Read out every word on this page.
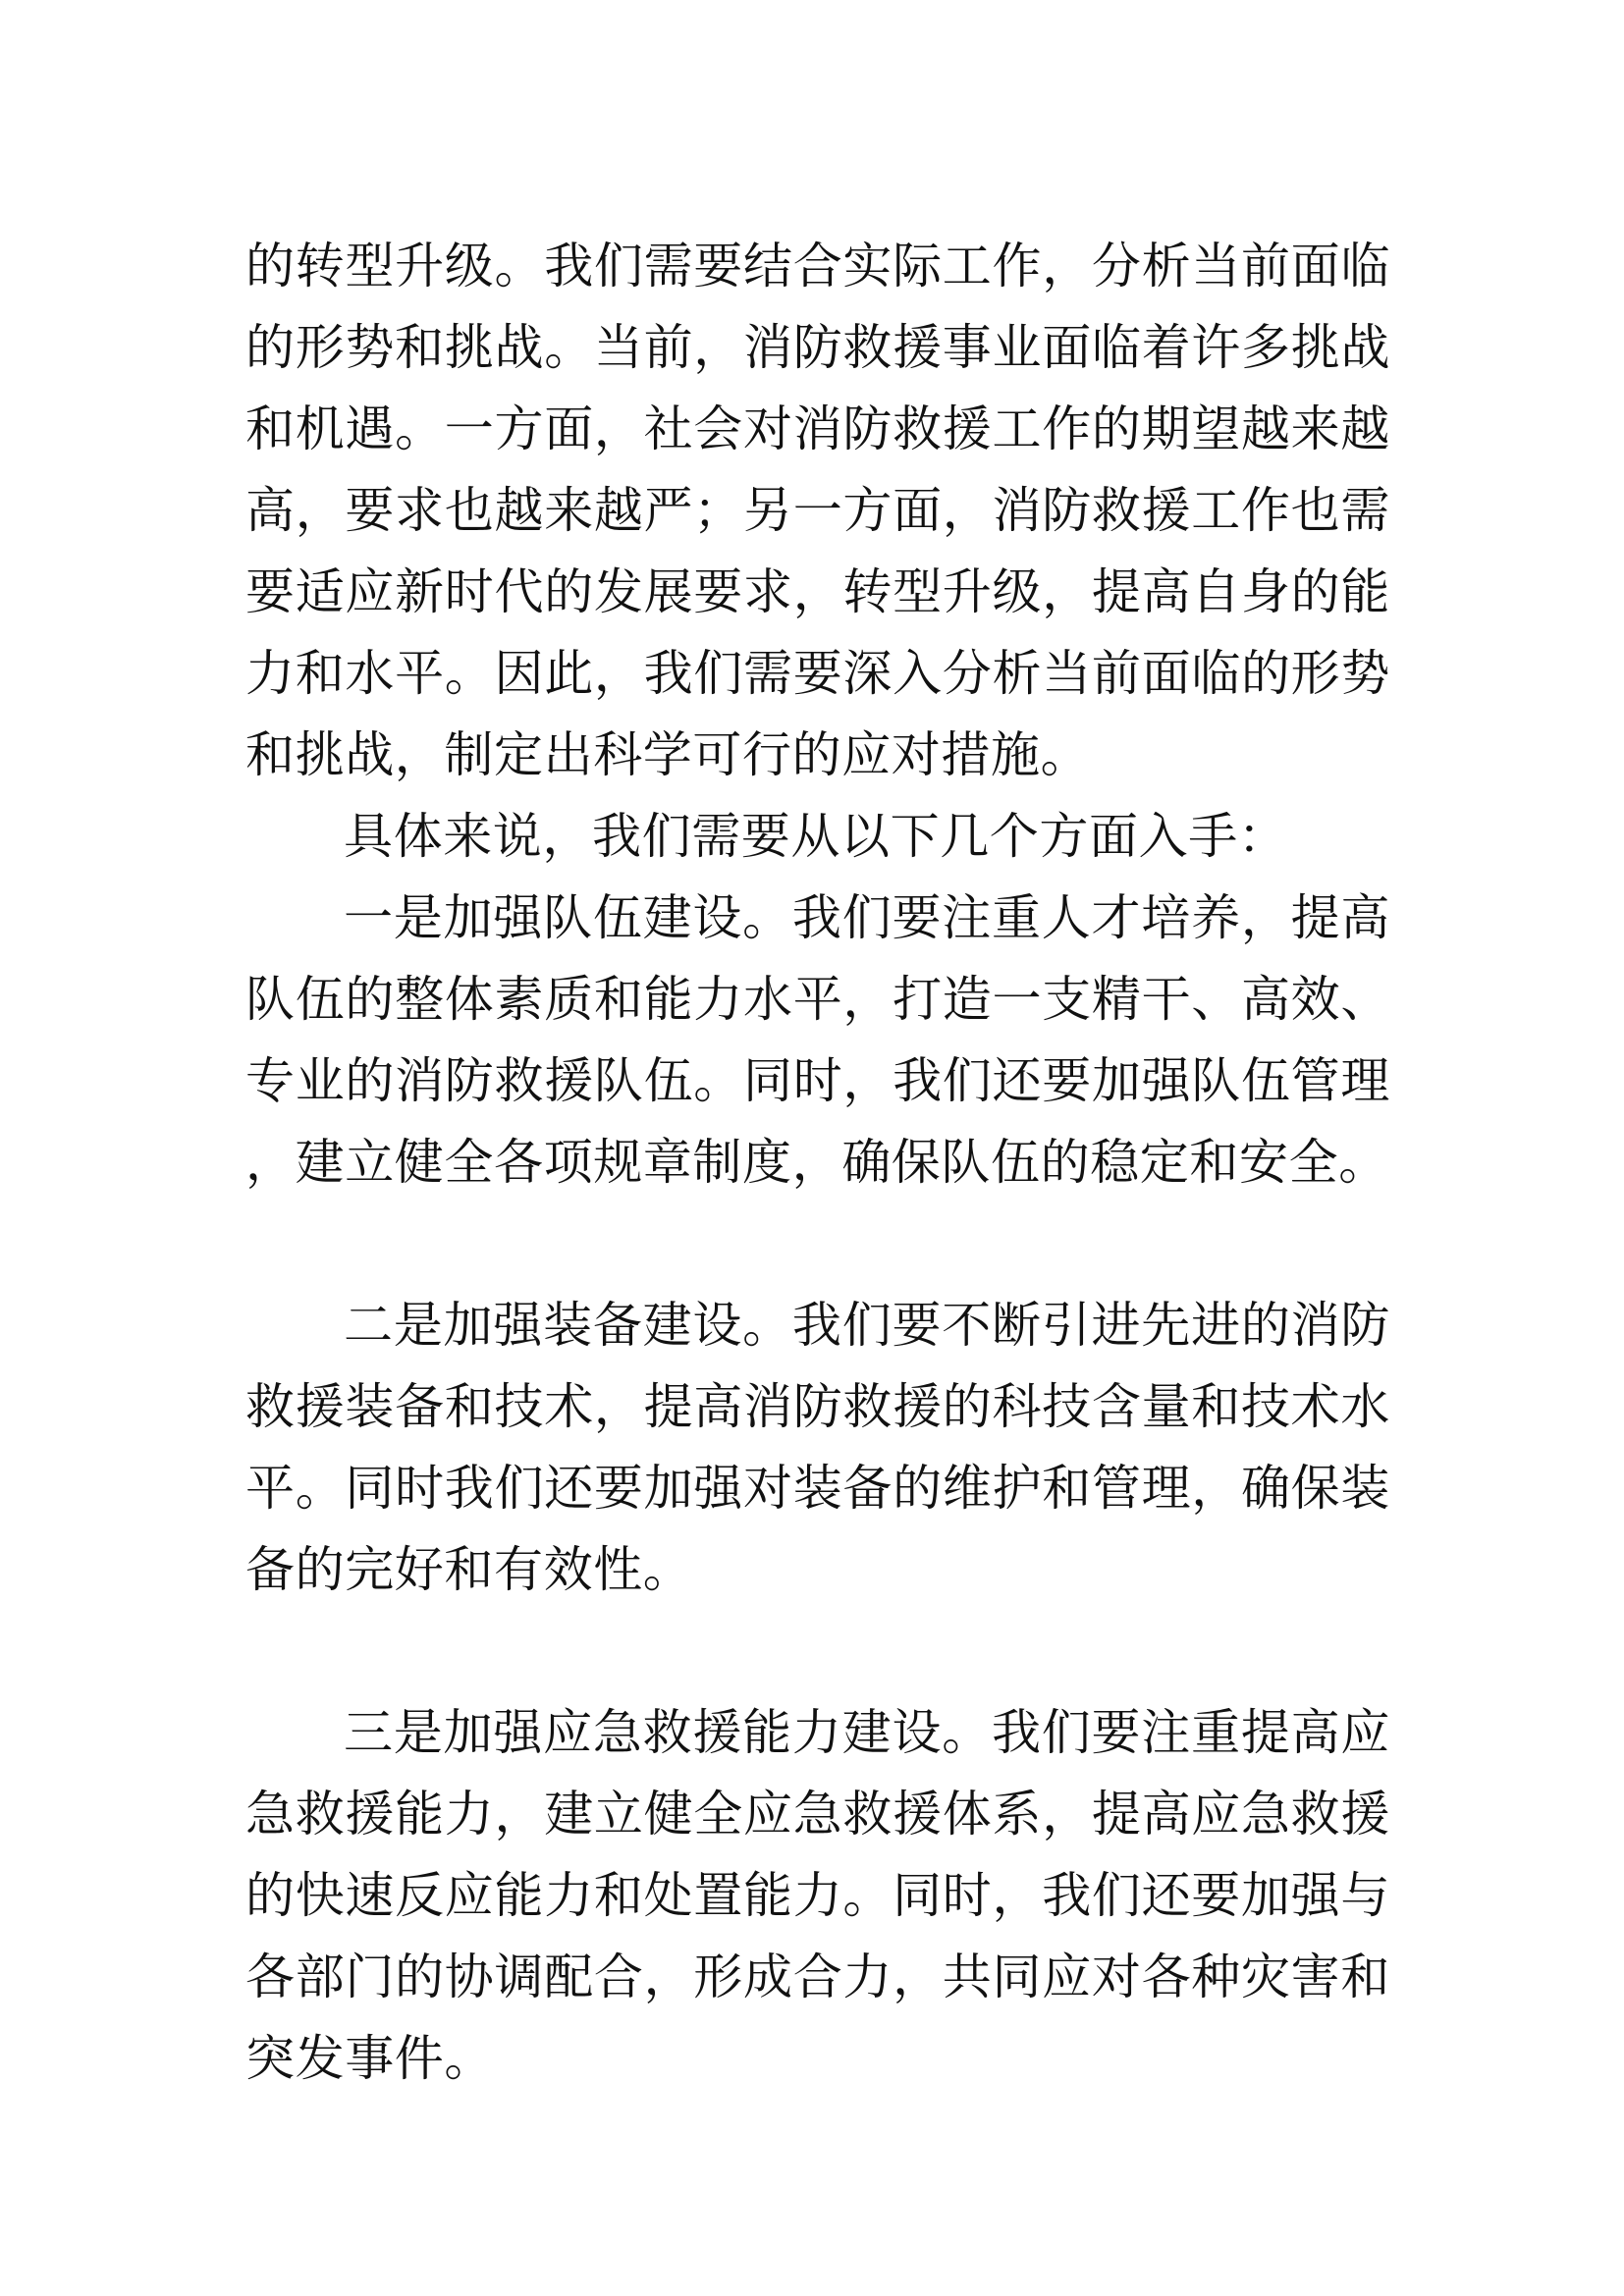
的转型升级。我们需要结合实际工作，分析当前面临的形势和挑战。当前，消防救援事业面临着许多挑战和机遇。一方面，社会对消防救援工作的期望越来越高，要求也越来越严；另一方面，消防救援工作也需要适应新时代的发展要求，转型升级，提高自身的能力和水平。因此，我们需要深入分析当前面临的形势和挑战，制定出科学可行的应对措施。

具体来说，我们需要从以下几个方面入手：

一是加强队伍建设。我们要注重人才培养，提高队伍的整体素质和能力水平，打造一支精干、高效、专业的消防救援队伍。同时，我们还要加强队伍管理，建立健全各项规章制度，确保队伍的稳定和安全。

二是加强装备建设。我们要不断引进先进的消防救援装备和技术，提高消防救援的科技含量和技术水平。同时我们还要加强对装备的维护和管理，确保装备的完好和有效性。

三是加强应急救援能力建设。我们要注重提高应急救援能力，建立健全应急救援体系，提高应急救援的快速反应能力和处置能力。同时，我们还要加强与各部门的协调配合，形成合力，共同应对各种灾害和突发事件。
